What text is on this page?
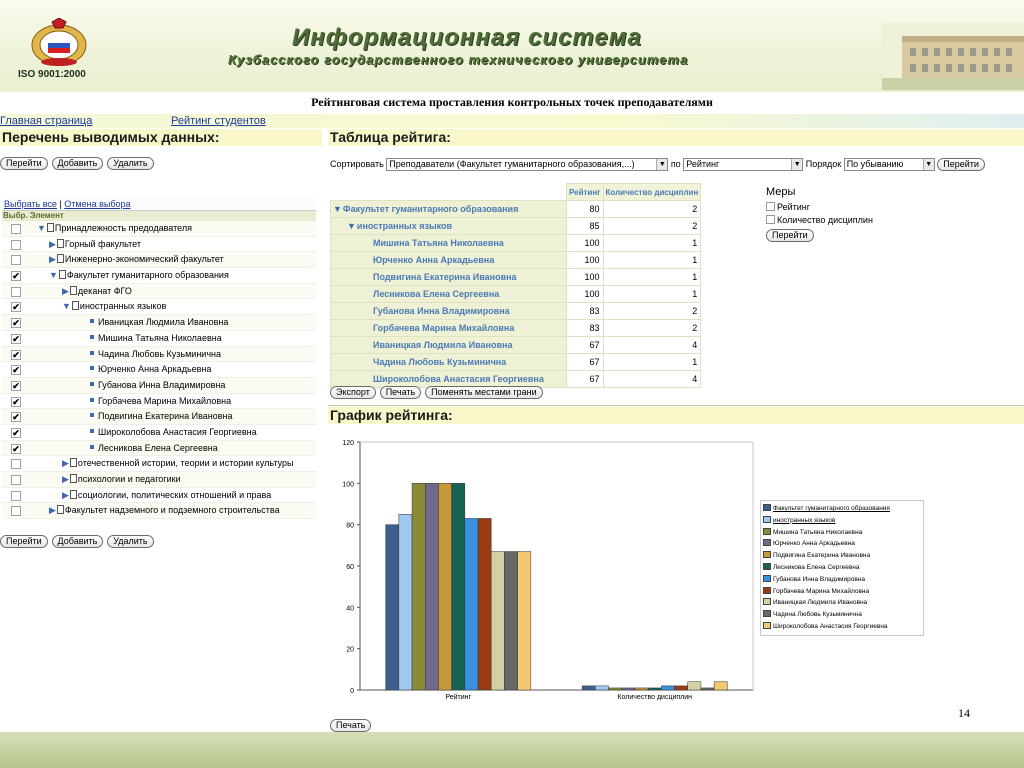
ISO 9001:2000
Информационная система
Кузбасского государственного технического университета
Рейтинговая система проставления контрольных точек преподавателями
Главная страница	Рейтинг студентов
Перечень выводимых данных:
Перейти Добавить Удалить
Выбрать все | Отмена выбора
Выбр. Элемент
▼ Принадлежность предодавателя
▶ Горный факультет
▶ Инженерно-экономический факультет
✔	▼ Факультет гуманитарного образования
▶ деканат ФГО
✔	▼ иностранных языков
✔	Иваницкая Людмила Ивановна
✔	Мишина Татьяна Николаевна
✔	Чадина Любовь Кузьминична
✔	Юрченко Анна Аркадьевна
✔	Губанова Инна Владимировна
✔	Горбачева Марина Михайловна
✔	Подвигина Екатерина Ивановна
✔	Широколобова Анастасия Георгиевна
✔	Лесникова Елена Сергеевна
▶ отечественной истории, теории и истории культуры
▶ психологии и педагогики
▶ социологии, политических отношений и права
▶ Факультет надземного и подземного строительства
Перейти Добавить Удалить
Таблица рейтига:
Сортировать Преподаватели (Факультет гуманитарного образования,...)	▼ по Рейтинг	▼ Порядок По убыванию	▼ Перейти
	Рейтинг	Количество дисциплин
▼Факультет гуманитарного образования	80	2
▼иностранных языков	85	2
Мишина Татьяна Николаевна	100	1
Юрченко Анна Аркадьевна	100	1
Подвигина Екатерина Ивановна	100	1
Лесникова Елена Сергеевна	100	1
Губанова Инна Владимировна	83	2
Горбачева Марина Михайловна	83	2
Иваницкая Людмила Ивановна	67	4
Чадина Любовь Кузьминична	67	1
Широколобова Анастасия Георгиевна	67	4
Экспорт Печать Поменять местами грани
Меры
Рейтинг
Количество дисциплин
Перейти
График рейтинга:
0
20
40
60
80
100
120
Рейтинг	Количество дисциплин
Факультет гуманитарного образования
иностранных языков
Мишина Татьяна Николаевна
Юрченко Анна Аркадьевна
Подвигина Екатерина Ивановна
Лесникова Елена Сергеевна
Губанова Инна Владимировна
Горбачева Марина Михайловна
Иваницкая Людмила Ивановна
Чадина Любовь Кузьминична
Широколобова Анастасия Георгиевна
Печать
14
